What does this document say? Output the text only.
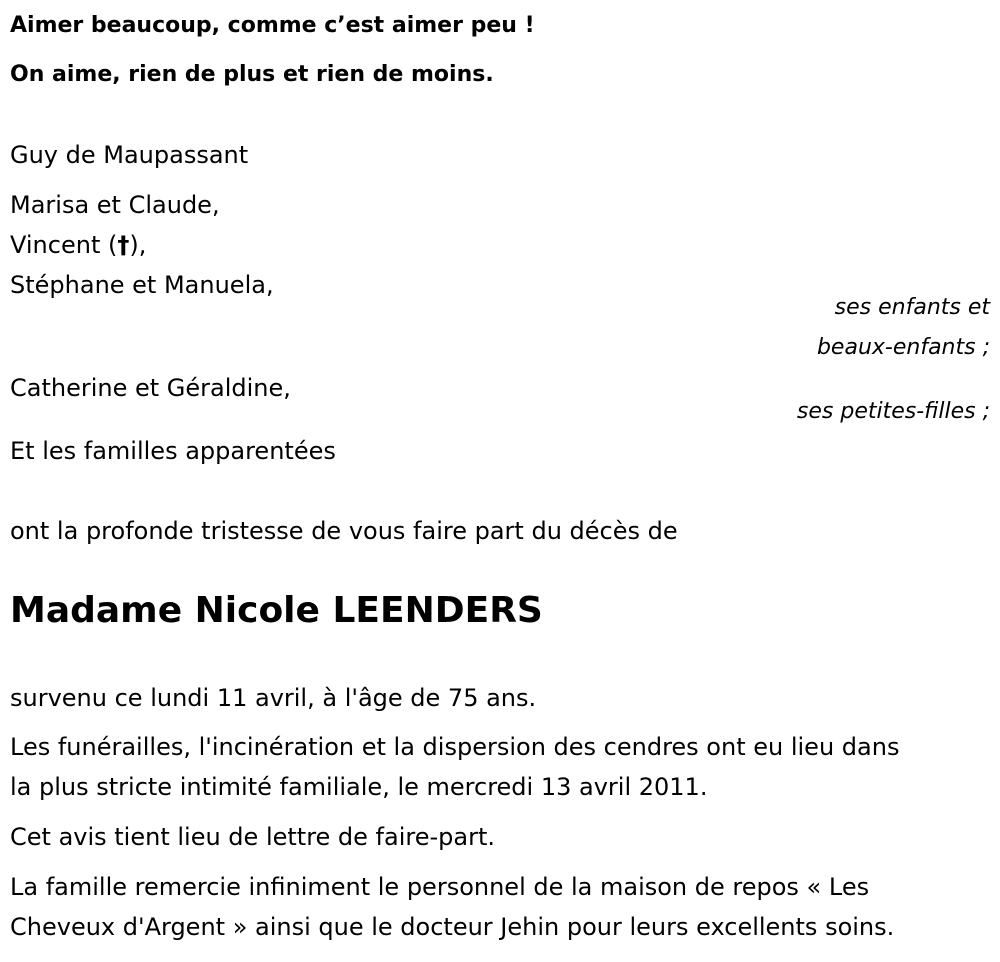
Aimer beaucoup, comme c’est aimer peu !

On aime, rien de plus et rien de moins.

Guy de Maupassant

Marisa et Claude,

Vincent (†),

Stéphane et Manuela,

ses enfants et

beaux-enfants ;

Catherine et Géraldine,

ses petites-filles ;

Et les familles apparentées

ont la profonde tristesse de vous faire part du décès de

Madame Nicole LEENDERS

survenu ce lundi 11 avril, à l'âge de 75 ans.

Les funérailles, l'incinération et la dispersion des cendres ont eu lieu dans

la plus stricte intimité familiale, le mercredi 13 avril 2011.

Cet avis tient lieu de lettre de faire-part.

La famille remercie infiniment le personnel de la maison de repos « Les

Cheveux d'Argent » ainsi que le docteur Jehin pour leurs excellents soins.
